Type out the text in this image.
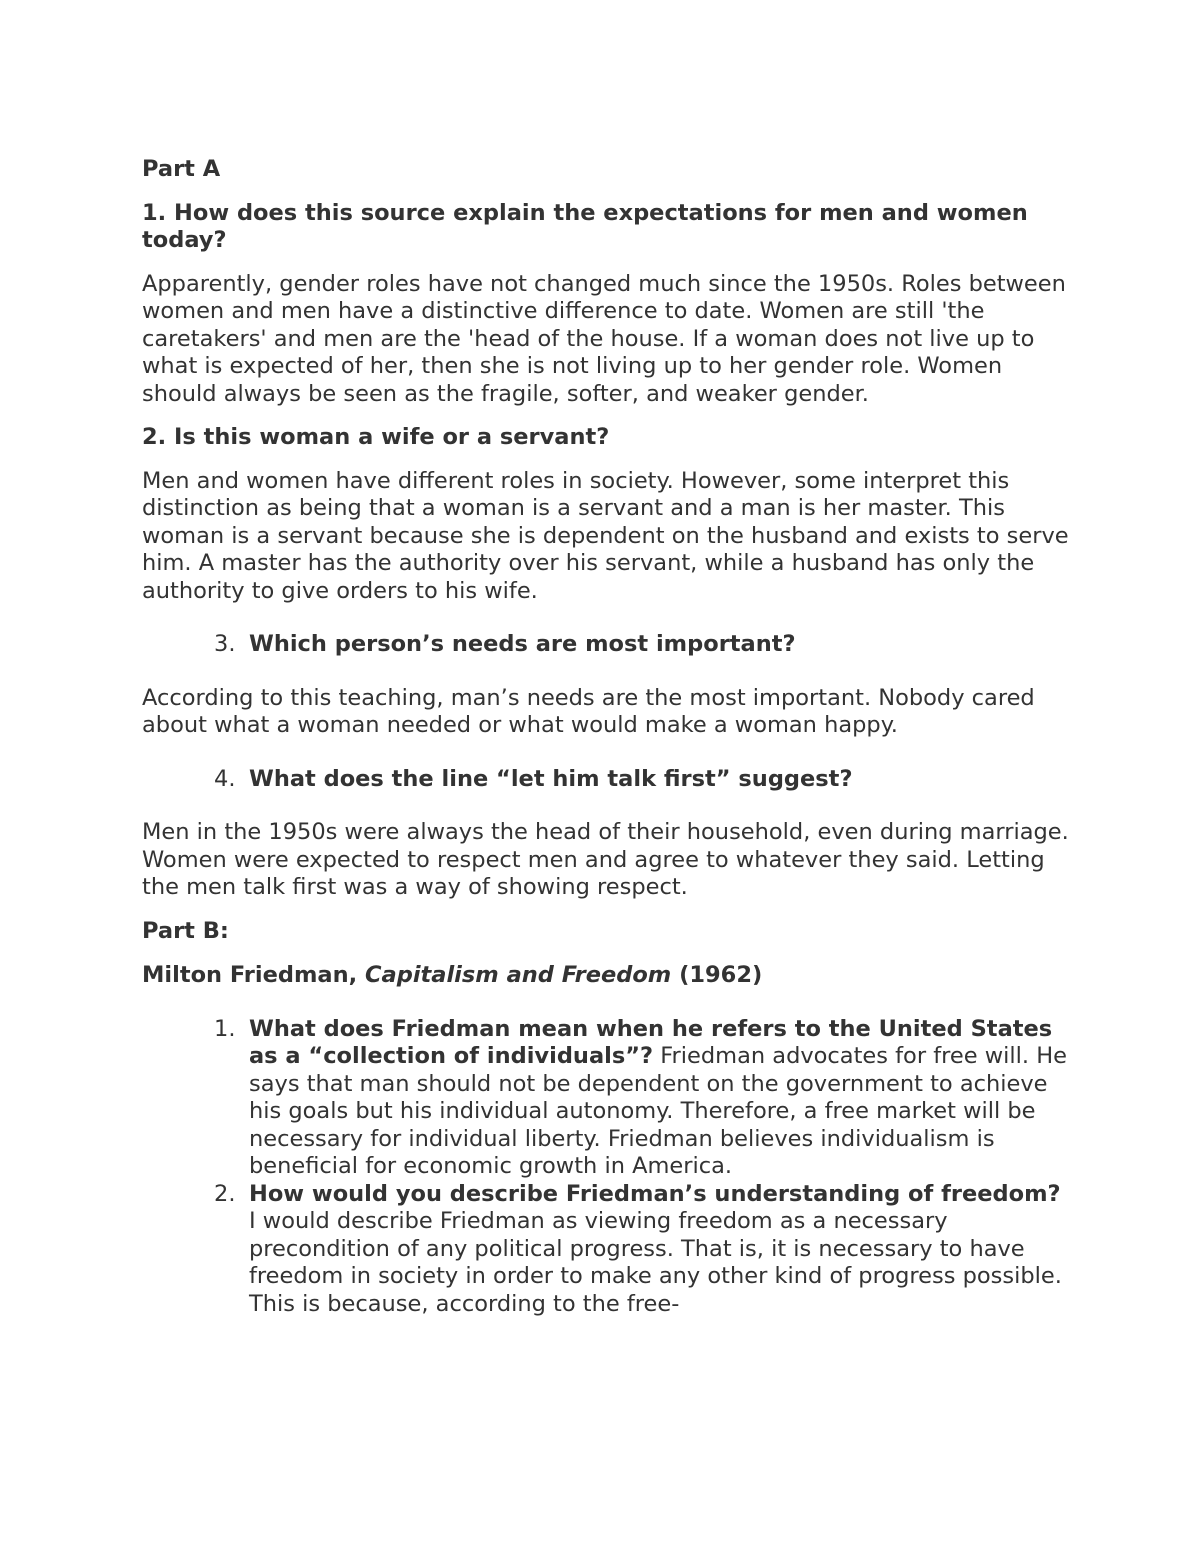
Part A

1. How does this source explain the expectations for men and women today?

Apparently, gender roles have not changed much since the 1950s. Roles between women and men have a distinctive difference to date. Women are still 'the caretakers' and men are the 'head of the house. If a woman does not live up to what is expected of her, then she is not living up to her gender role. Women should always be seen as the fragile, softer, and weaker gender.

2. Is this woman a wife or a servant?

Men and women have different roles in society. However, some interpret this distinction as being that a woman is a servant and a man is her master. This woman is a servant because she is dependent on the husband and exists to serve him. A master has the authority over his servant, while a husband has only the authority to give orders to his wife.

3. Which person’s needs are most important?

According to this teaching, man’s needs are the most important. Nobody cared about what a woman needed or what would make a woman happy.

4. What does the line “let him talk first” suggest?

Men in the 1950s were always the head of their household, even during marriage. Women were expected to respect men and agree to whatever they said. Letting the men talk first was a way of showing respect.

Part B:

Milton Friedman, Capitalism and Freedom (1962)

1. What does Friedman mean when he refers to the United States as a “collection of individuals”? Friedman advocates for free will. He says that man should not be dependent on the government to achieve his goals but his individual autonomy. Therefore, a free market will be necessary for individual liberty. Friedman believes individualism is beneficial for economic growth in America.
2. How would you describe Friedman’s understanding of freedom? I would describe Friedman as viewing freedom as a necessary precondition of any political progress. That is, it is necessary to have freedom in society in order to make any other kind of progress possible. This is because, according to the free-
